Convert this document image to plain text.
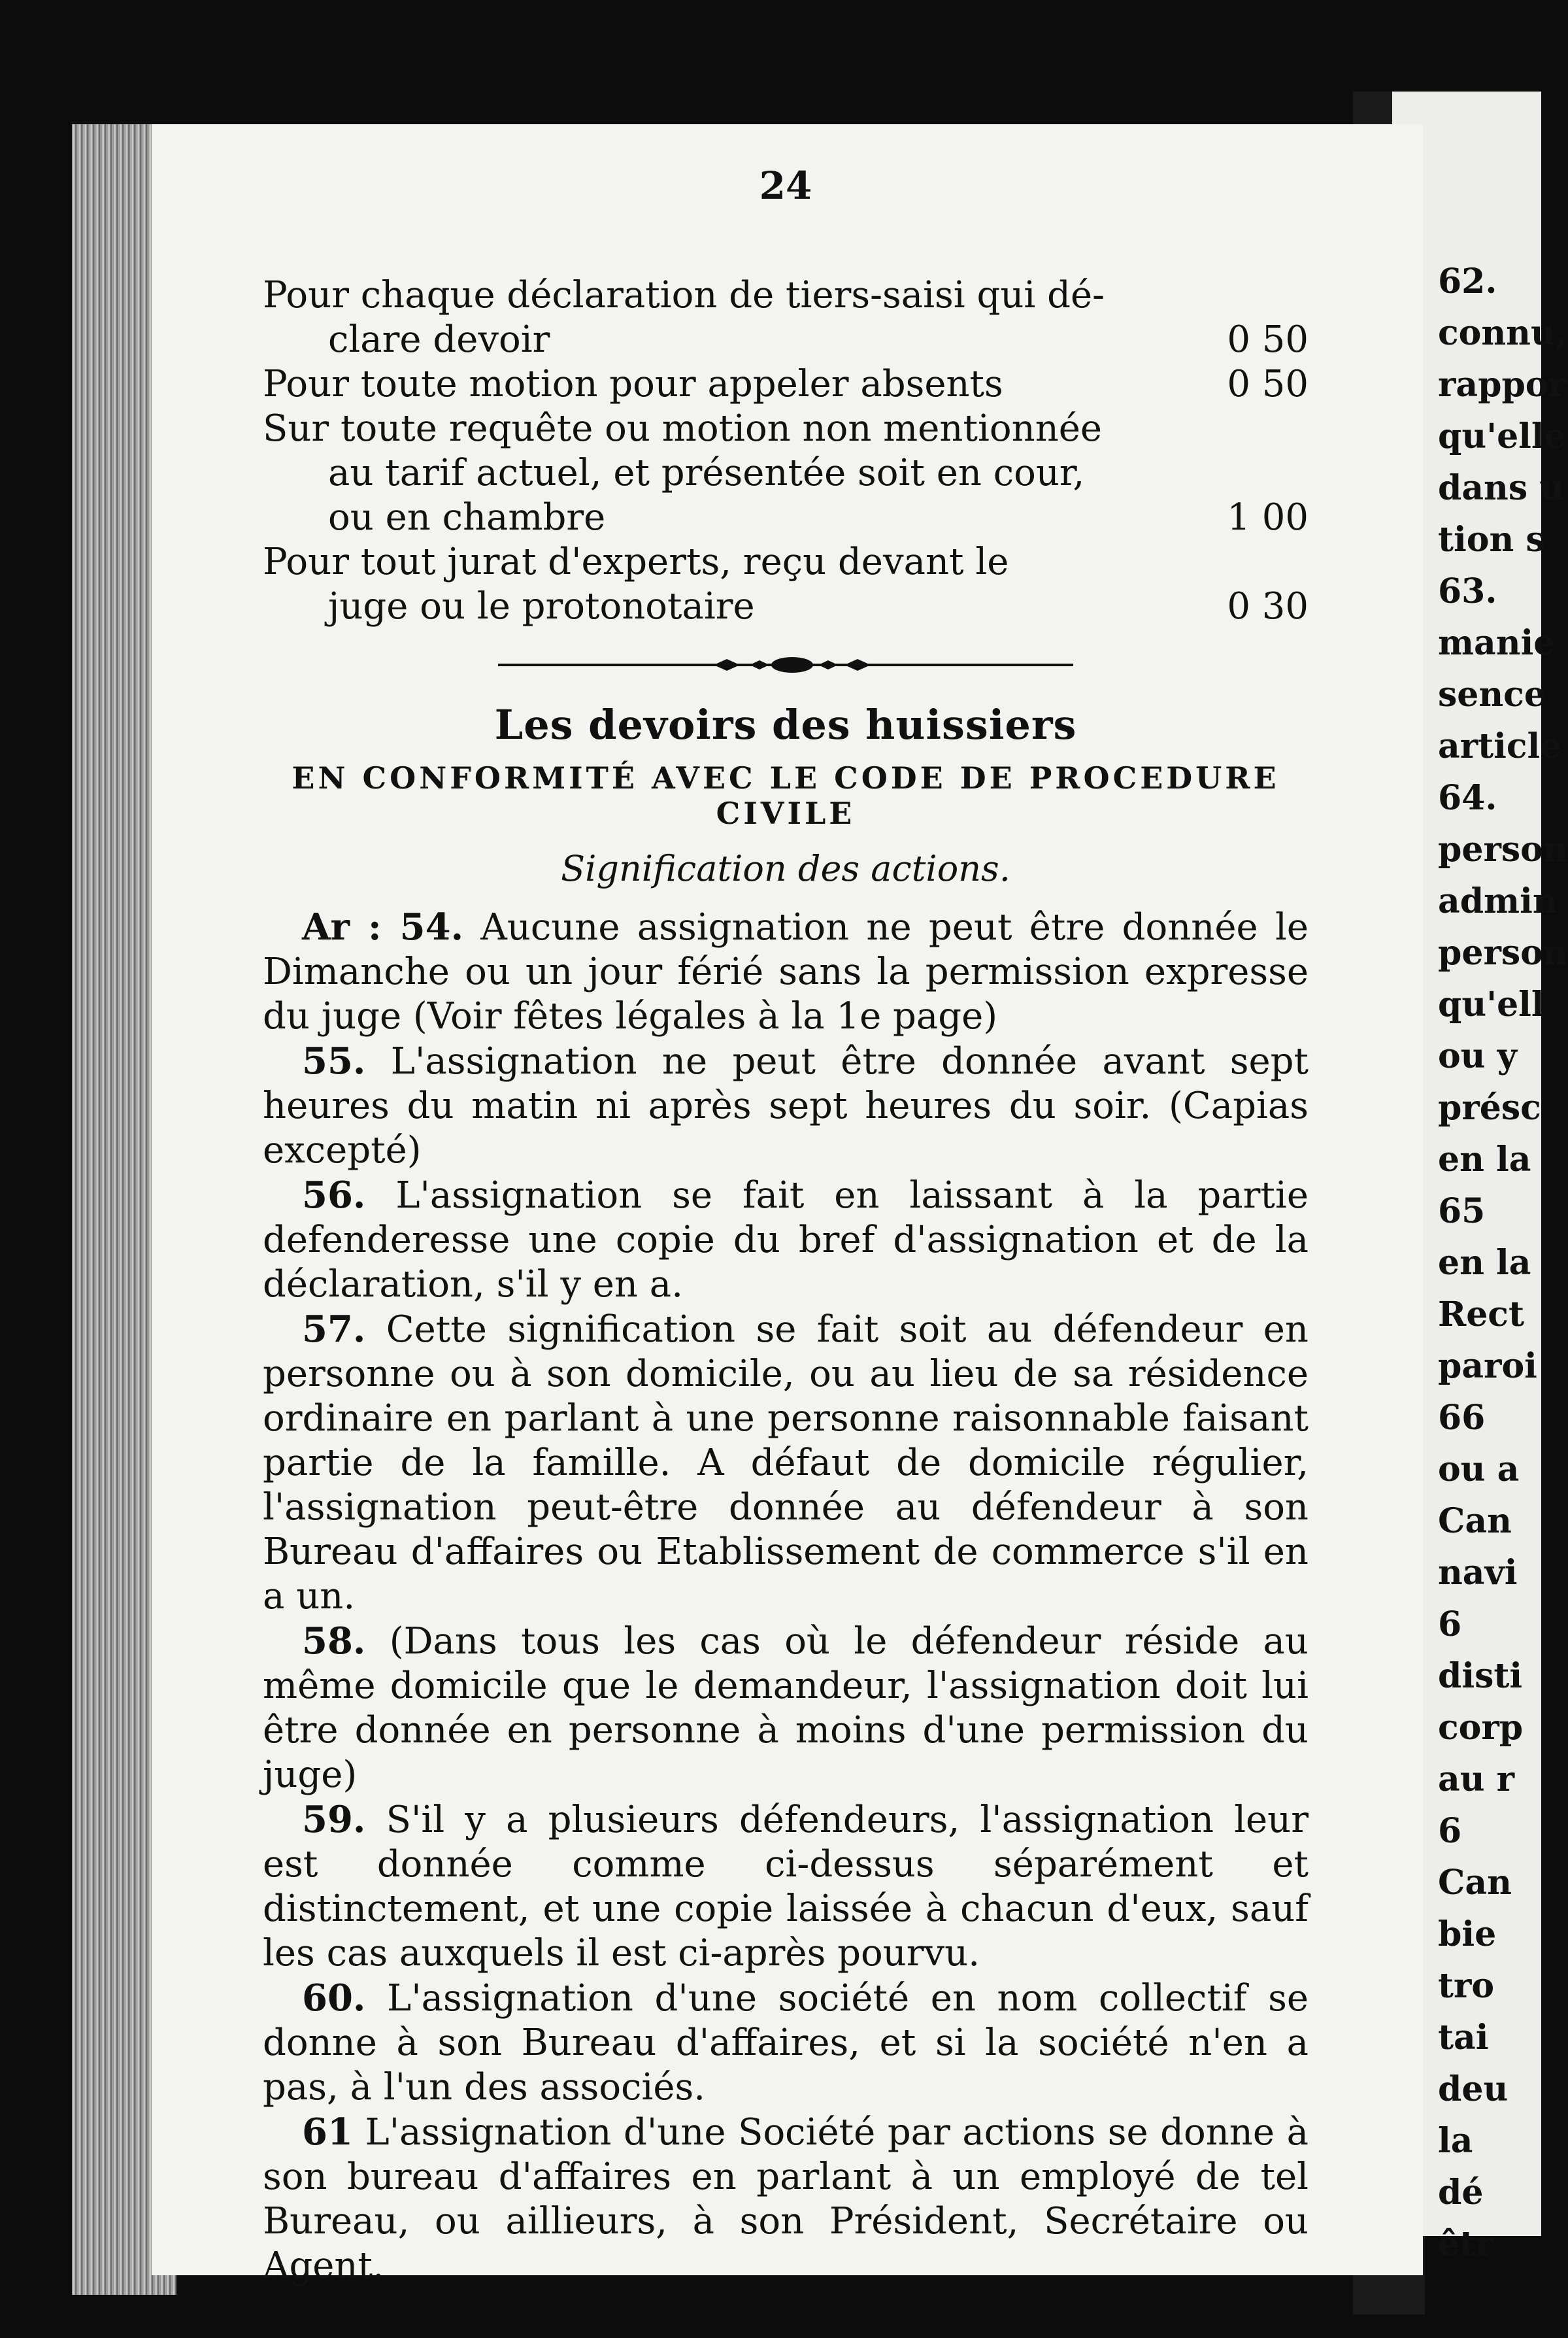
62.
connu,
rappor
qu'elle
dans u
tion s
63.
manie
sence
article
64.
person
admin
person
qu'ell
ou y
présc
en la
65
en la
Rect
paroi
66
ou a
Can
navi
6
disti
corp
au r
6
Can
bie
tro
tai
deu
la
dé
êtr
24
Pour chaque déclaration de tiers-saisi qui dé-
clare devoir	0 50
Pour toute motion pour appeler absents	0 50
Sur toute requête ou motion non mentionnée
au tarif actuel, et présentée soit en cour,
ou en chambre	1 00
Pour tout jurat d'experts, reçu devant le
juge ou le protonotaire	0 30
Les devoirs des huissiers
EN CONFORMITÉ AVEC LE CODE DE PROCEDURE CIVILE
Signification des actions.

Ar : 54. Aucune assignation ne peut être donnée le Dimanche ou un jour férié sans la permission expresse du juge (Voir fêtes légales à la 1e page)

55. L'assignation ne peut être donnée avant sept heures du matin ni après sept heures du soir. (Capias excepté)

56. L'assignation se fait en laissant à la partie defenderesse une copie du bref d'assignation et de la déclaration, s'il y en a.

57. Cette signification se fait soit au défendeur en personne ou à son domicile, ou au lieu de sa résidence ordinaire en parlant à une personne raisonnable faisant partie de la famille. A défaut de domicile régulier, l'assignation peut-être donnée au défendeur à son Bureau d'affaires ou Etablissement de commerce s'il en a un.

58. (Dans tous les cas où le défendeur réside au même domicile que le demandeur, l'assignation doit lui être donnée en personne à moins d'une permission du juge)

59. S'il y a plusieurs défendeurs, l'assignation leur est donnée comme ci-dessus séparément et distinctement, et une copie laissée à chacun d'eux, sauf les cas auxquels il est ci-après pourvu.

60. L'assignation d'une société en nom collectif se donne à son Bureau d'affaires, et si la société n'en a pas, à l'un des associés.

61 L'assignation d'une Société par actions se donne à son bureau d'affaires en parlant à un employé de tel Bureau, ou aillieurs, à son Président, Secrétaire ou Agent.
